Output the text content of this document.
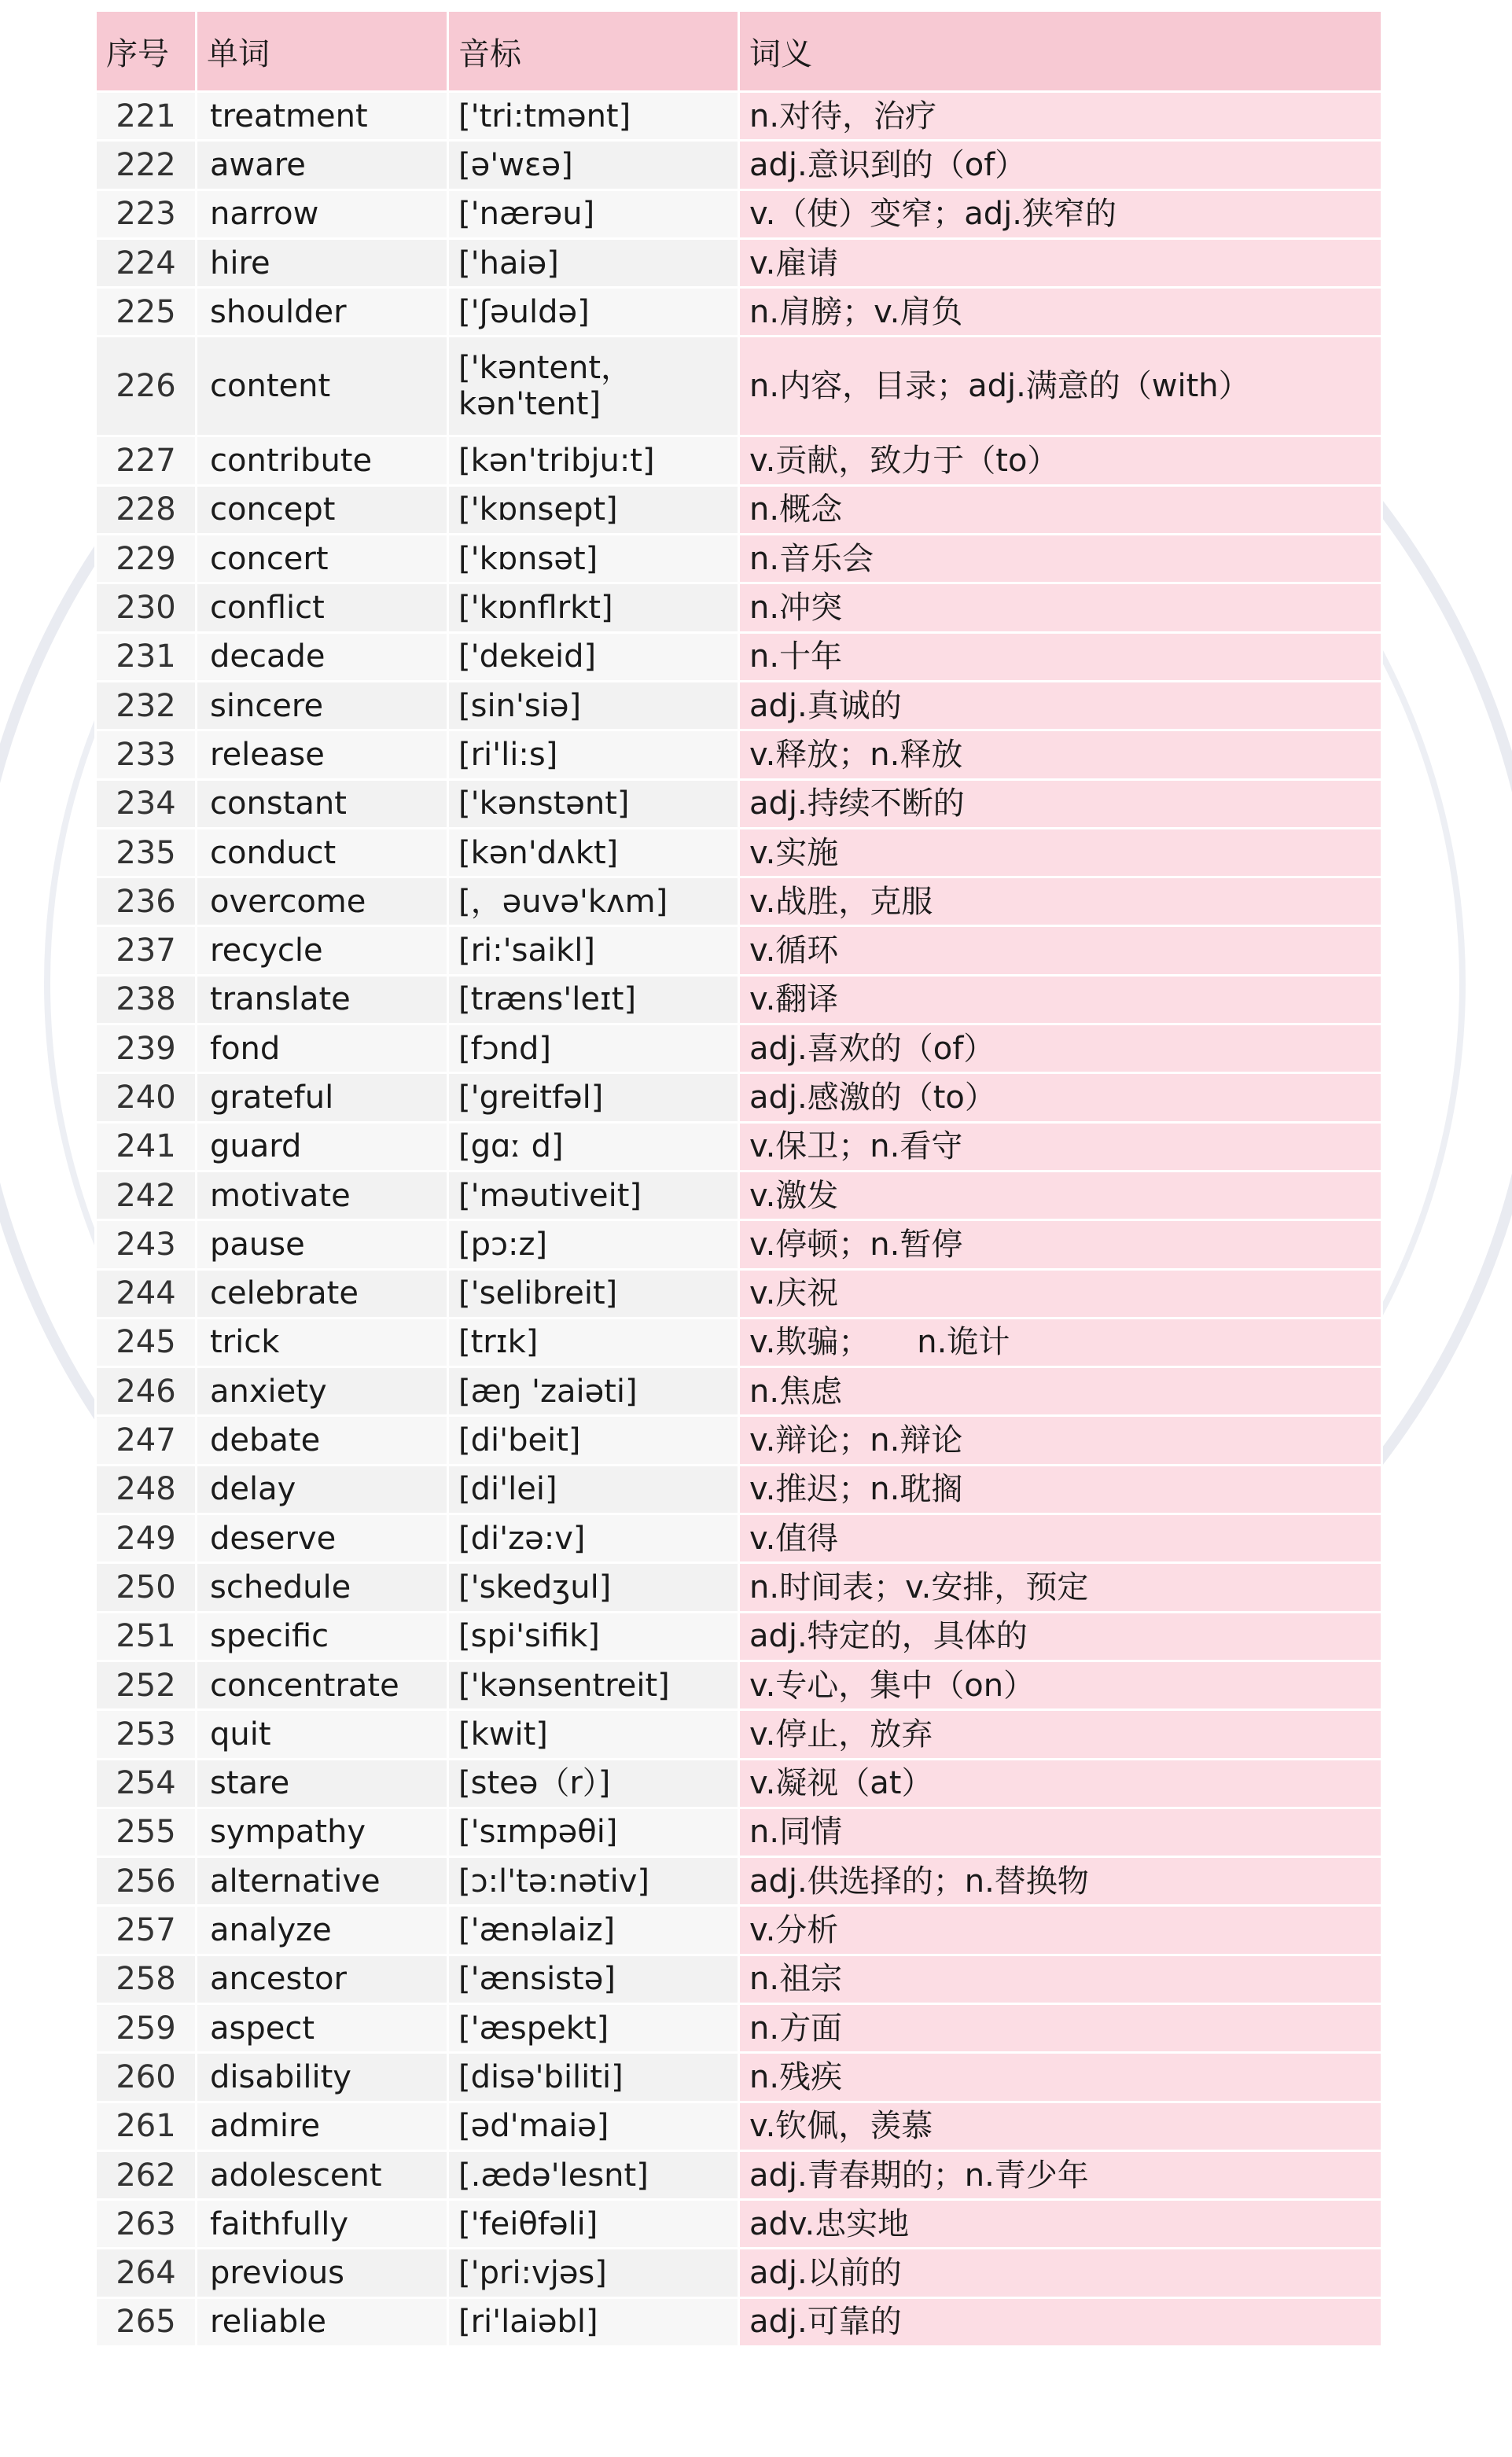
序号	单词	音标	词义
221	treatment	['tri:tmənt]	n.对待，治疗
222	aware	[ə'wɛə]	adj.意识到的（of）
223	narrow	['nærəu]	v.（使）变窄；adj.狭窄的
224	hire	['haiə]	v.雇请
225	shoulder	['ʃəuldə]	n.肩膀；v.肩负
226	content	['kəntent，kən'tent]	n.内容，目录；adj.满意的（with）
227	contribute	[kən'tribju:t]	v.贡献，致力于（to）
228	concept	['kɒnsept]	n.概念
229	concert	['kɒnsət]	n.音乐会
230	conflict	['kɒnflrkt]	n.冲突
231	decade	['dekeid]	n.十年
232	sincere	[sin'siə]	adj.真诚的
233	release	[ri'li:s]	v.释放；n.释放
234	constant	['kənstənt]	adj.持续不断的
235	conduct	[kən'dʌkt]	v.实施
236	overcome	[，əuvə'kʌm]	v.战胜，克服
237	recycle	[ri:'saikl]	v.循环
238	translate	[træns'leɪt]	v.翻译
239	fond	[fɔnd]	adj.喜欢的（of）
240	grateful	['greitfəl]	adj.感激的（to）
241	guard	[gɑː d]	v.保卫；n.看守
242	motivate	['məutiveit]	v.激发
243	pause	[pɔ:z]	v.停顿；n.暂停
244	celebrate	['selibreit]	v.庆祝
245	trick	[trɪk]	v.欺骗；　　n.诡计
246	anxiety	[æŋ 'zaiəti]	n.焦虑
247	debate	[di'beit]	v.辩论；n.辩论
248	delay	[di'lei]	v.推迟；n.耽搁
249	deserve	[di'zə:v]	v.值得
250	schedule	['skedʒul]	n.时间表；v.安排，预定
251	specific	[spi'sifik]	adj.特定的，具体的
252	concentrate	['kənsentreit]	v.专心，集中（on）
253	quit	[kwit]	v.停止，放弃
254	stare	[steə（r）]	v.凝视（at）
255	sympathy	['sɪmpəθi]	n.同情
256	alternative	[ɔ:l'tə:nətiv]	adj.供选择的；n.替换物
257	analyze	['ænəlaiz]	v.分析
258	ancestor	['ænsistə]	n.祖宗
259	aspect	['æspekt]	n.方面
260	disability	[disə'biliti]	n.残疾
261	admire	[əd'maiə]	v.钦佩，羡慕
262	adolescent	[.ædə'lesnt]	adj.青春期的；n.青少年
263	faithfully	['feiθfəli]	adv.忠实地
264	previous	['pri:vjəs]	adj.以前的
265	reliable	[ri'laiəbl]	adj.可靠的
